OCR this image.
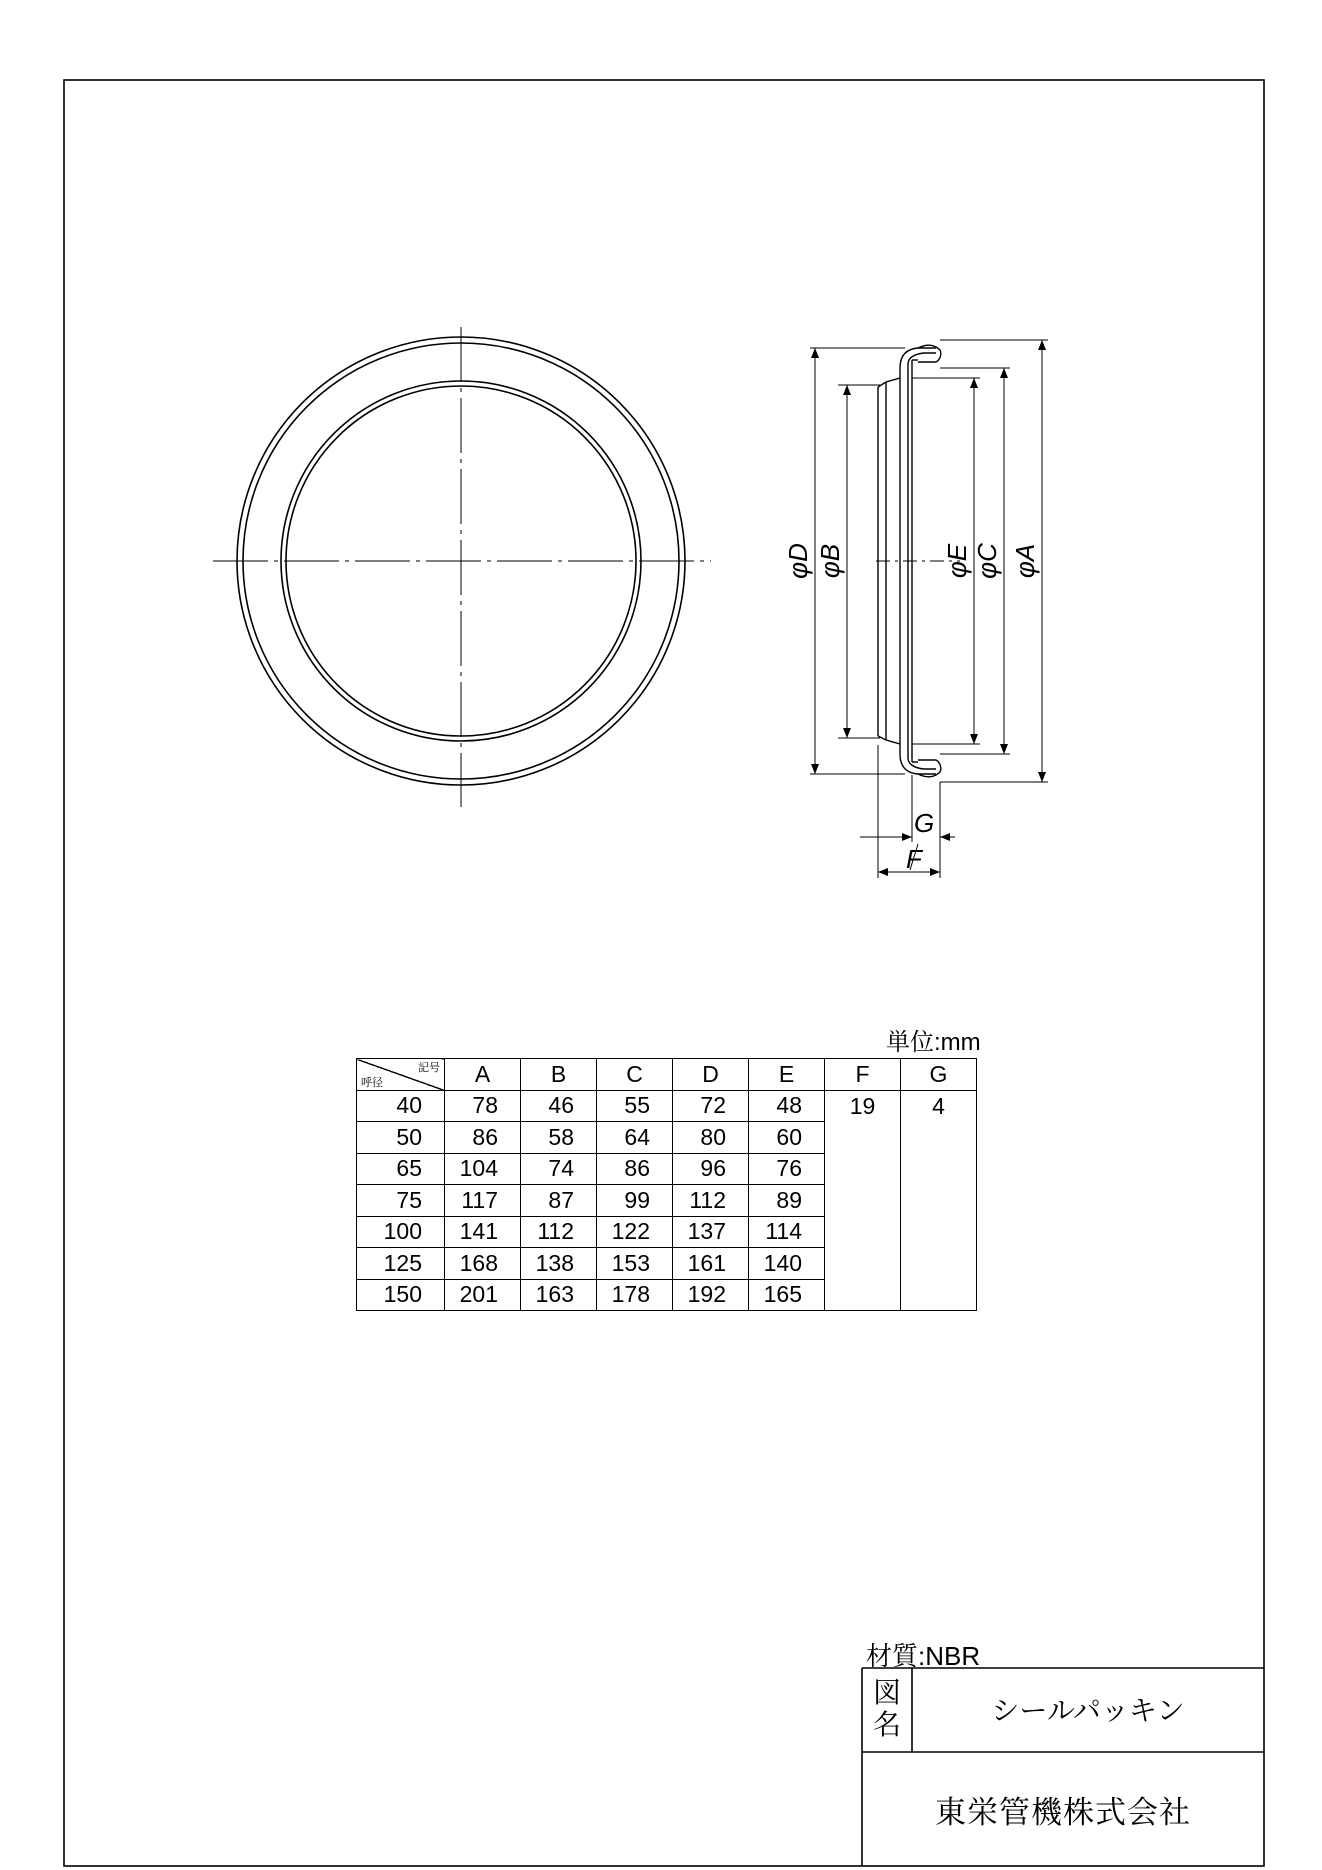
φD φB	φE φC φA
G
F
単位:mm
記号
呼径	A	B	C	D	E	F	G
40	78	46	55	72	48	19	4
50	86	58	64	80	60		
65	104	74	86	96	76		
75	117	87	99	112	89		
100	141	112	122	137	114		
125	168	138	153	161	140		
150	201	163	178	192	165		
材質:NBR
図
名	シールパッキン
東栄管機株式会社
